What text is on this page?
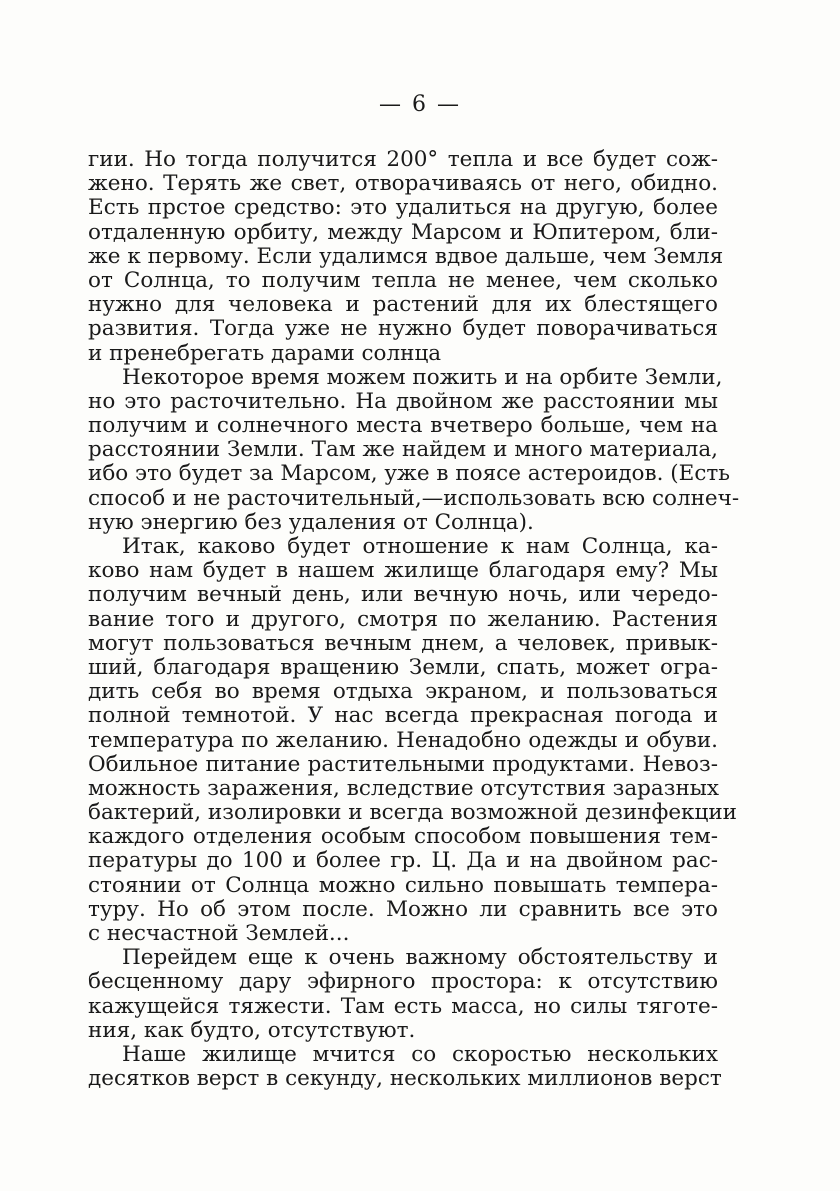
— 6 —
гии. Но тогда получится 200° тепла и все будет сож-
жено. Терять же свет, отворачиваясь от него, обидно.
Есть прстое средство: это удалиться на другую, более
отдаленную орбиту, между Марсом и Юпитером, бли-
же к первому. Если удалимся вдвое дальше, чем Земля
от Солнца, то получим тепла не менее, чем сколько
нужно для человека и растений для их блестящего
развития. Тогда уже не нужно будет поворачиваться
и пренебрегать дарами солнца
Некоторое время можем пожить и на орбите Земли,
но это расточительно. На двойном же расстоянии мы
получим и солнечного места вчетверо больше, чем на
расстоянии Земли. Там же найдем и много материала,
ибо это будет за Марсом, уже в поясе астероидов. (Есть
способ и не расточительный,—использовать всю солнеч-
ную энергию без удаления от Солнца).
Итак, каково будет отношение к нам Солнца, ка-
ково нам будет в нашем жилище благодаря ему? Мы
получим вечный день, или вечную ночь, или чередо-
вание того и другого, смотря по желанию. Растения
могут пользоваться вечным днем, а человек, привык-
ший, благодаря вращению Земли, спать, может огра-
дить себя во время отдыха экраном, и пользоваться
полной темнотой. У нас всегда прекрасная погода и
температура по желанию. Ненадобно одежды и обуви.
Обильное питание растительными продуктами. Невоз-
можность заражения, вследствие отсутствия заразных
бактерий, изолировки и всегда возможной дезинфекции
каждого отделения особым способом повышения тем-
пературы до 100 и более гр. Ц. Да и на двойном рас-
стоянии от Солнца можно сильно повышать темпера-
туру. Но об этом после. Можно ли сравнить все это
с несчастной Землей...
Перейдем еще к очень важному обстоятельству и
бесценному дару эфирного простора: к отсутствию
кажущейся тяжести. Там есть масса, но силы тяготе-
ния, как будто, отсутствуют.
Наше жилище мчится со скоростью нескольких
десятков верст в секунду, нескольких миллионов верст
